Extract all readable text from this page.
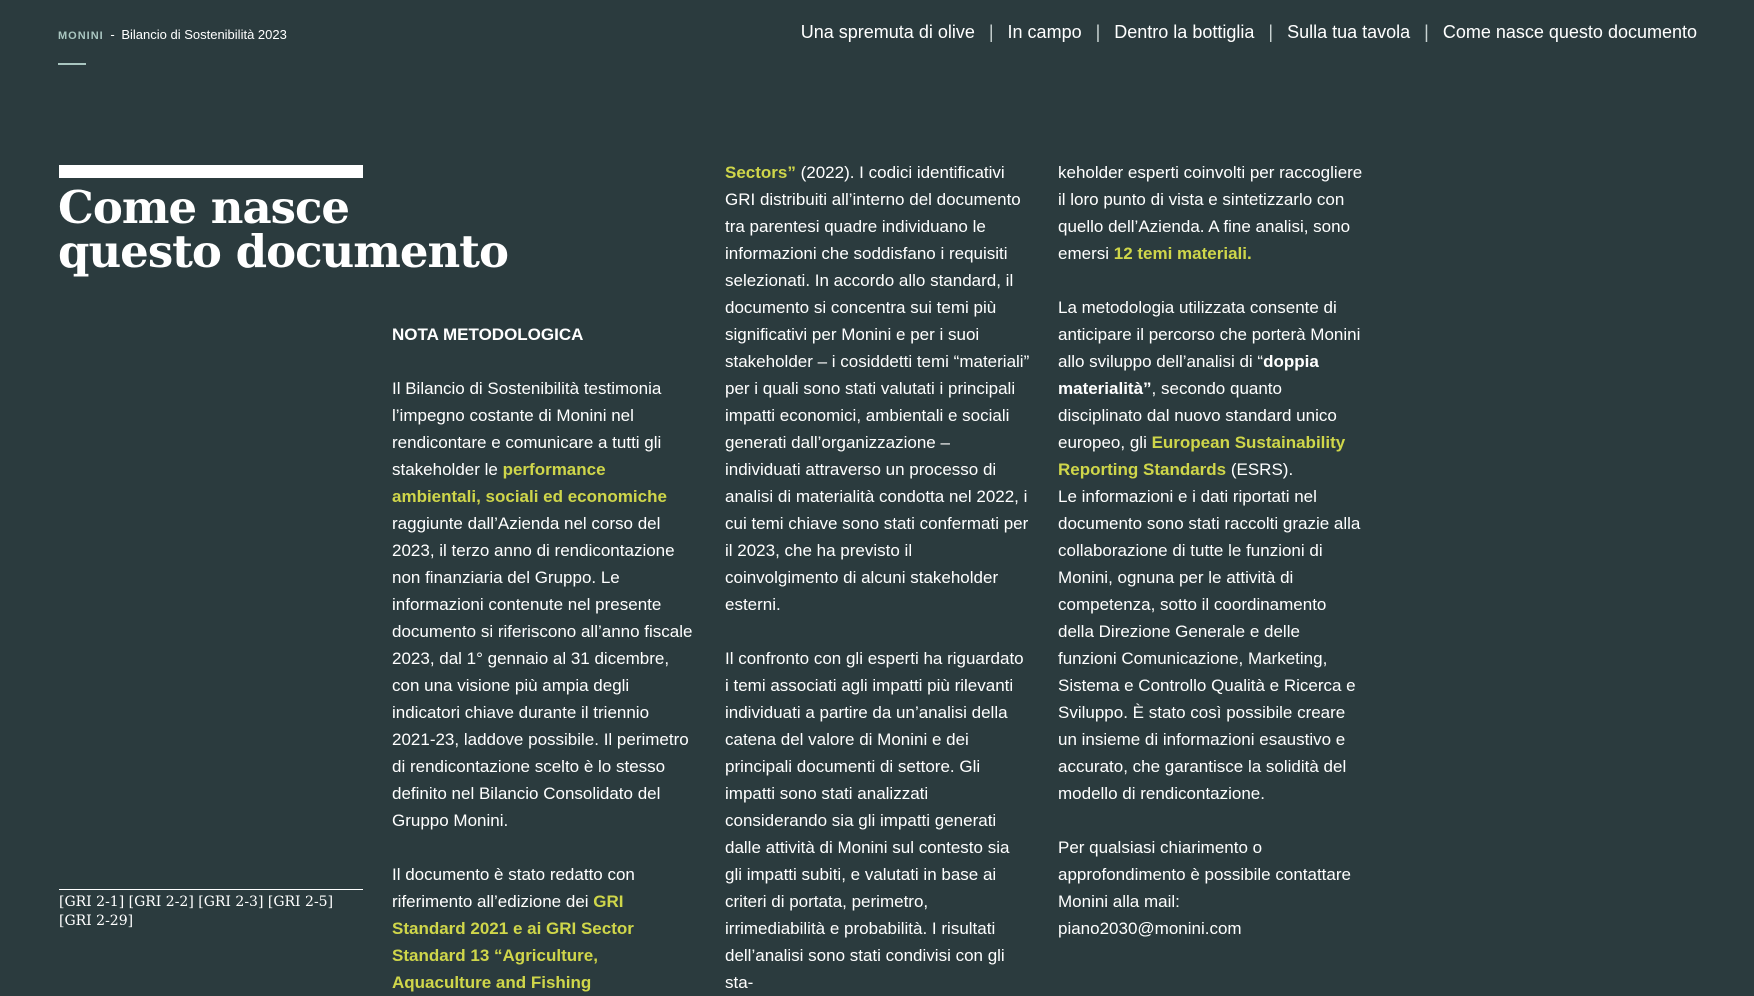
MONINI - Bilancio di Sostenibilità 2023	Una spremuta di olive | In campo | Dentro la bottiglia | Sulla tua tavola | Come nasce questo documento
Come nasce
questo documento
[GRI 2-1] [GRI 2-2] [GRI 2-3] [GRI 2-5] [GRI 2-29]

NOTA METODOLOGICA

Il Bilancio di Sostenibilità testimonia l’impegno costante di Monini nel rendicontare e comunicare a tutti gli stakeholder le performance ambientali, sociali ed economiche raggiunte dall’Azienda nel corso del 2023, il terzo anno di rendicontazione non finanziaria del Gruppo. Le informazioni contenute nel presente documento si riferiscono all’anno fiscale 2023, dal 1° gennaio al 31 dicembre, con una visione più ampia degli indicatori chiave durante il triennio 2021-23, laddove possibile. Il perimetro di rendicontazione scelto è lo stesso definito nel Bilancio Consolidato del Gruppo Monini.

Il documento è stato redatto con riferimento all’edizione dei GRI Standard 2021 e ai GRI Sector Standard 13 “Agriculture, Aquaculture and Fishing

Sectors” (2022). I codici identificativi GRI distribuiti all’interno del documento tra parentesi quadre individuano le informazioni che soddisfano i requisiti selezionati. In accordo allo standard, il documento si concentra sui temi più significativi per Monini e per i suoi stakeholder – i cosiddetti temi “materiali” per i quali sono stati valutati i principali impatti economici, ambientali e sociali generati dall’organizzazione – individuati attraverso un processo di analisi di materialità condotta nel 2022, i cui temi chiave sono stati confermati per il 2023, che ha previsto il coinvolgimento di alcuni stakeholder esterni.

Il confronto con gli esperti ha riguardato i temi associati agli impatti più rilevanti individuati a partire da un’analisi della catena del valore di Monini e dei principali documenti di settore. Gli impatti sono stati analizzati considerando sia gli impatti generati dalle attività di Monini sul contesto sia gli impatti subiti, e valutati in base ai criteri di portata, perimetro, irrimediabilità e probabilità. I risultati dell’analisi sono stati condivisi con gli sta-

keholder esperti coinvolti per raccogliere il loro punto di vista e sintetizzarlo con quello dell’Azienda. A fine analisi, sono emersi 12 temi materiali.

La metodologia utilizzata consente di anticipare il percorso che porterà Monini allo sviluppo dell’analisi di “doppia materialità”, secondo quanto disciplinato dal nuovo standard unico europeo, gli European Sustainability Reporting Standards (ESRS).

Le informazioni e i dati riportati nel documento sono stati raccolti grazie alla collaborazione di tutte le funzioni di Monini, ognuna per le attività di competenza, sotto il coordinamento della Direzione Generale e delle funzioni Comunicazione, Marketing, Sistema e Controllo Qualità e Ricerca e Sviluppo. È stato così possibile creare un insieme di informazioni esaustivo e accurato, che garantisce la solidità del modello di rendicontazione.

Per qualsiasi chiarimento o approfondimento è possibile contattare Monini alla mail: piano2030@monini.com
